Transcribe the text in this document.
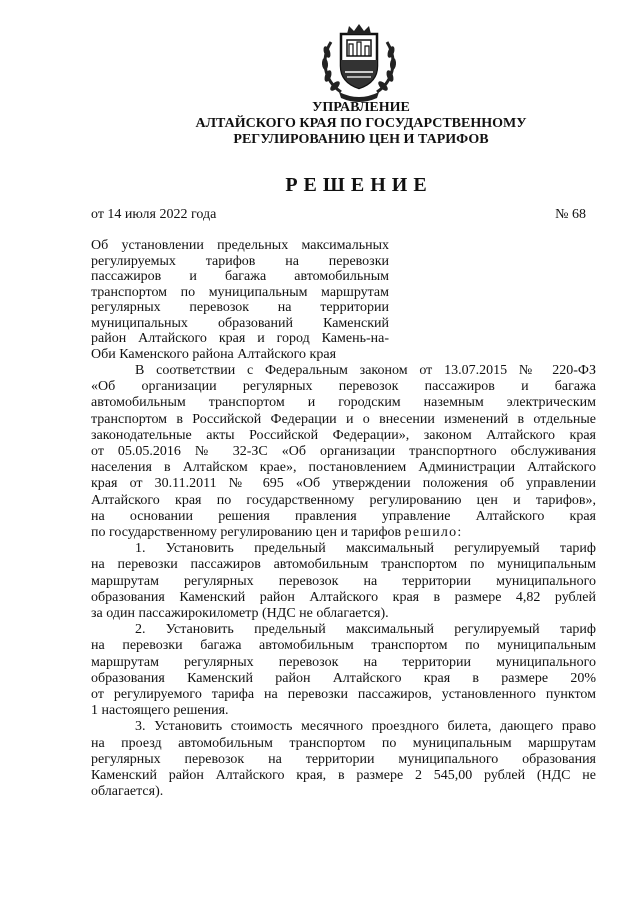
УПРАВЛЕНИЕ
АЛТАЙСКОГО КРАЯ ПО ГОСУДАРСТВЕННОМУ
РЕГУЛИРОВАНИЮ ЦЕН И ТАРИФОВ
РЕШЕНИЕ
от 14 июля 2022 года	№ 68
Об установлении предельных максимальных
регулируемых тарифов на перевозки
пассажиров и багажа автомобильным
транспортом по муниципальным маршрутам
регулярных перевозок на территории
муниципальных образований Каменский
район Алтайского края и город Камень-на-
Оби Каменского района Алтайского края

В соответствии с Федеральным законом от 13.07.2015 № 220-ФЗ
«Об организации регулярных перевозок пассажиров и багажа
автомобильным транспортом и городским наземным электрическим
транспортом в Российской Федерации и о внесении изменений в отдельные
законодательные акты Российской Федерации», законом Алтайского края
от 05.05.2016 № 32-ЗС «Об организации транспортного обслуживания
населения в Алтайском крае», постановлением Администрации Алтайского
края от 30.11.2011 № 695 «Об утверждении положения об управлении
Алтайского края по государственному регулированию цен и тарифов»,
на основании решения правления управление Алтайского края
по государственному регулированию цен и тарифов решило:

1. Установить предельный максимальный регулируемый тариф
на перевозки пассажиров автомобильным транспортом по муниципальным
маршрутам регулярных перевозок на территории муниципального
образования Каменский район Алтайского края в размере 4,82 рублей
за один пассажирокилометр (НДС не облагается).

2. Установить предельный максимальный регулируемый тариф
на перевозки багажа автомобильным транспортом по муниципальным
маршрутам регулярных перевозок на территории муниципального
образования Каменский район Алтайского края в размере 20%
от регулируемого тарифа на перевозки пассажиров, установленного пунктом
1 настоящего решения.

3. Установить стоимость месячного проездного билета, дающего право
на проезд автомобильным транспортом по муниципальным маршрутам
регулярных перевозок на территории муниципального образования
Каменский район Алтайского края, в размере 2 545,00 рублей (НДС не
облагается).
